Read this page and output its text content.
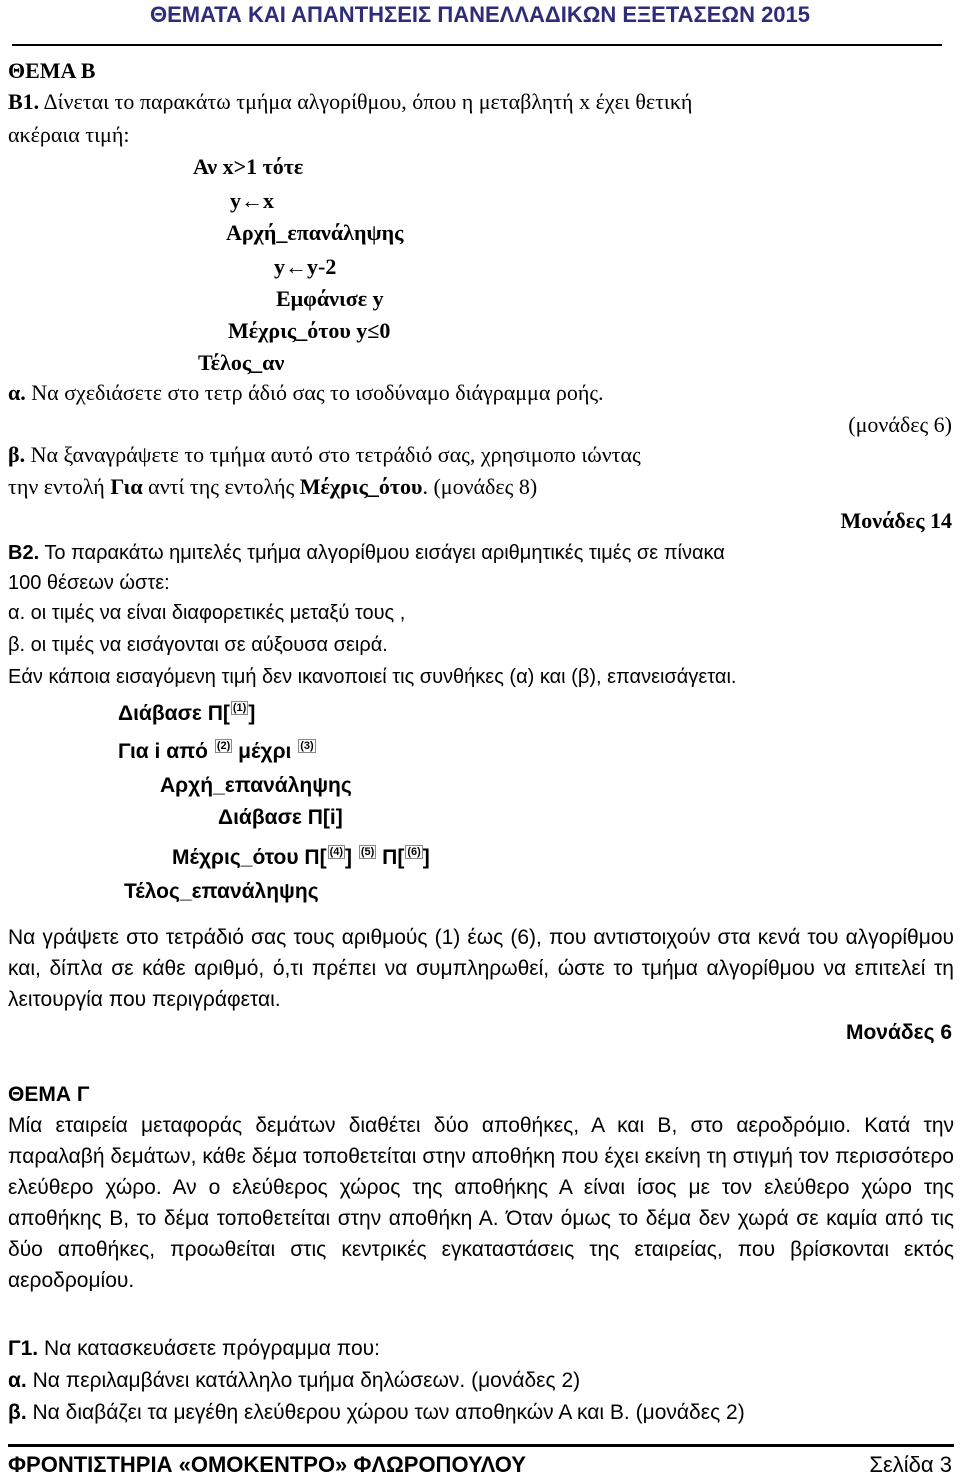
ΘΕΜΑΤΑ ΚΑΙ ΑΠΑΝΤΗΣΕΙΣ ΠΑΝΕΛΛΑΔΙΚΩΝ ΕΞΕΤΑΣΕΩΝ 2015
ΘΕΜΑ Β
Β1. Δίνεται το παρακάτω τμήμα αλγορίθμου, όπου η μεταβλητή x έχει θετική
ακέραια τιμή:
Αν x>1 τότε
y←x
Αρχή_επανάληψης
y←y-2
Εμφάνισε y
Μέχρις_ότου y≤0
Τέλος_αν
α. Να σχεδιάσετε στο τετρ άδιό σας το ισοδύναμο διάγραμμα ροής.
(μονάδες 6)
β. Να ξαναγράψετε το τμήμα αυτό στο τετράδιό σας, χρησιμοπο ιώντας
την εντολή Για αντί της εντολής Μέχρις_ότου. (μονάδες 8)
Μονάδες 14
Β2. Το παρακάτω ημιτελές τμήμα αλγορίθμου εισάγει αριθμητικές τιμές σε πίνακα
100 θέσεων ώστε:
α. οι τιμές να είναι διαφορετικές μεταξύ τους ,
β. οι τιμές να εισάγονται σε αύξουσα σειρά.
Εάν κάποια εισαγόμενη τιμή δεν ικανοποιεί τις συνθήκες (α) και (β), επανεισάγεται.
Διάβασε Π[ $^{(1)}$]
Για i από $^{(2)}$ μέχρι $^{(3)}$
Αρχή_επανάληψης
Διάβασε Π[i]
Μέχρις_ότου Π[ $^{(4)}$] $^{(5)}$ Π[ $^{(6)}$]
Τέλος_επανάληψης
Να γράψετε στο τετράδιό σας τους αριθμούς (1) έως (6), που αντιστοιχούν στα κενά του αλγορίθμου και, δίπλα σε κάθε αριθμό, ό,τι πρέπει να συμπληρωθεί, ώστε το τμήμα αλγορίθμου να επιτελεί τη λειτουργία που περιγράφεται.
Μονάδες 6
ΘΕΜΑ Γ
Μία εταιρεία μεταφοράς δεμάτων διαθέτει δύο αποθήκες, Α και Β, στο αεροδρόμιο. Κατά την παραλαβή δεμάτων, κάθε δέμα τοποθετείται στην αποθήκη που έχει εκείνη τη στιγμή τον περισσότερο ελεύθερο χώρο. Αν ο ελεύθερος χώρος της αποθήκης Α είναι ίσος με τον ελεύθερο χώρο της αποθήκης Β, το δέμα τοποθετείται στην αποθήκη Α. Όταν όμως το δέμα δεν χωρά σε καμία από τις δύο αποθήκες, προωθείται στις κεντρικές εγκαταστάσεις της εταιρείας, που βρίσκονται εκτός αεροδρομίου.
Γ1. Να κατασκευάσετε πρόγραμμα που:
α. Να περιλαμβάνει κατάλληλο τμήμα δηλώσεων. (μονάδες 2)
β. Να διαβάζει τα μεγέθη ελεύθερου χώρου των αποθηκών Α και Β. (μονάδες 2)
ΦΡΟΝΤΙΣΤΗΡΙΑ «ΟΜΟΚΕΝΤΡΟ» ΦΛΩΡΟΠΟΥΛΟΥ	Σελίδα 3
